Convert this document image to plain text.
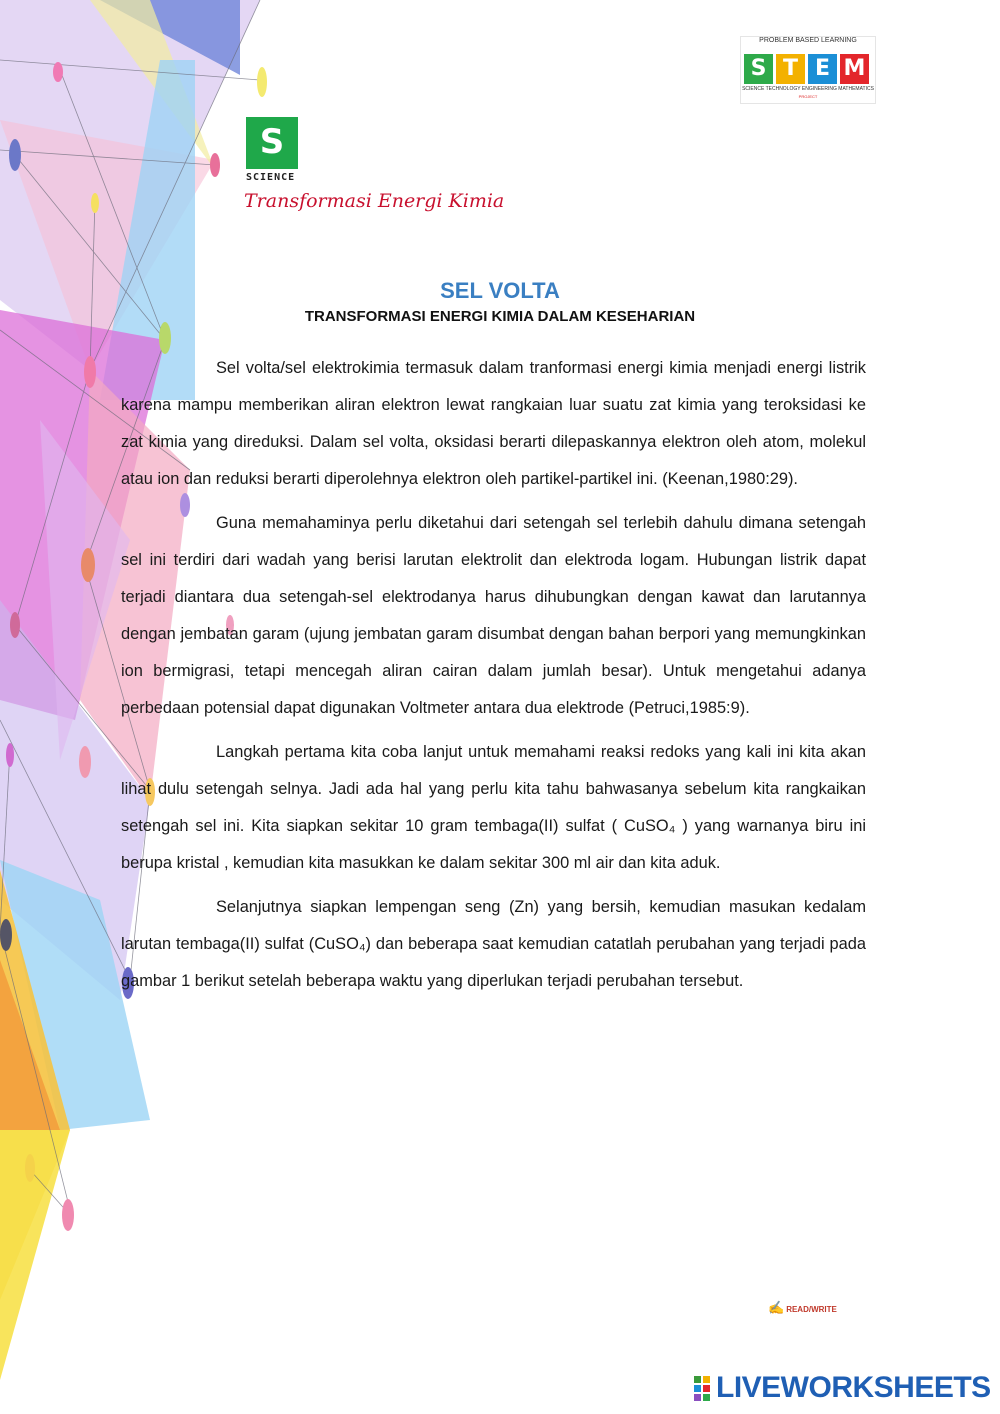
PROBLEM BASED LEARNING
S T E M
SCIENCE TECHNOLOGY ENGINEERING MATHEMATICS
PROJECT
S
SCIENCE
Transformasi Energi Kimia
SEL VOLTA
TRANSFORMASI ENERGI KIMIA DALAM KESEHARIAN

Sel volta/sel elektrokimia termasuk dalam tranformasi energi kimia menjadi energi listrik karena mampu memberikan aliran elektron lewat rangkaian luar suatu zat kimia yang teroksidasi ke zat kimia yang direduksi. Dalam sel volta, oksidasi berarti dilepaskannya elektron oleh atom, molekul atau ion dan reduksi berarti diperolehnya elektron oleh partikel-partikel ini. (Keenan,1980:29).

Guna memahaminya perlu diketahui dari setengah sel terlebih dahulu dimana setengah sel ini terdiri dari wadah yang berisi larutan elektrolit dan elektroda logam. Hubungan listrik dapat terjadi diantara dua setengah-sel elektrodanya harus dihubungkan dengan kawat dan larutannya dengan jembatan garam (ujung jembatan garam disumbat dengan bahan berpori yang memungkinkan ion bermigrasi, tetapi mencegah aliran cairan dalam jumlah besar). Untuk mengetahui adanya perbedaan potensial dapat digunakan Voltmeter antara dua elektrode (Petruci,1985:9).

Langkah pertama kita coba lanjut untuk memahami reaksi redoks yang kali ini kita akan lihat dulu setengah selnya. Jadi ada hal yang perlu kita tahu bahwasanya sebelum kita rangkaikan setengah sel ini. Kita siapkan sekitar 10 gram tembaga(II) sulfat ( CuSO₄ ) yang warnanya biru ini berupa kristal , kemudian kita masukkan ke dalam sekitar 300 ml air dan kita aduk.

Selanjutnya siapkan lempengan seng (Zn) yang bersih, kemudian masukan kedalam larutan tembaga(II) sulfat (CuSO₄) dan beberapa saat kemudian catatlah perubahan yang terjadi pada gambar 1 berikut setelah beberapa waktu yang diperlukan terjadi perubahan tersebut.

✍ READ/WRITE
LIVEWORKSHEETS
